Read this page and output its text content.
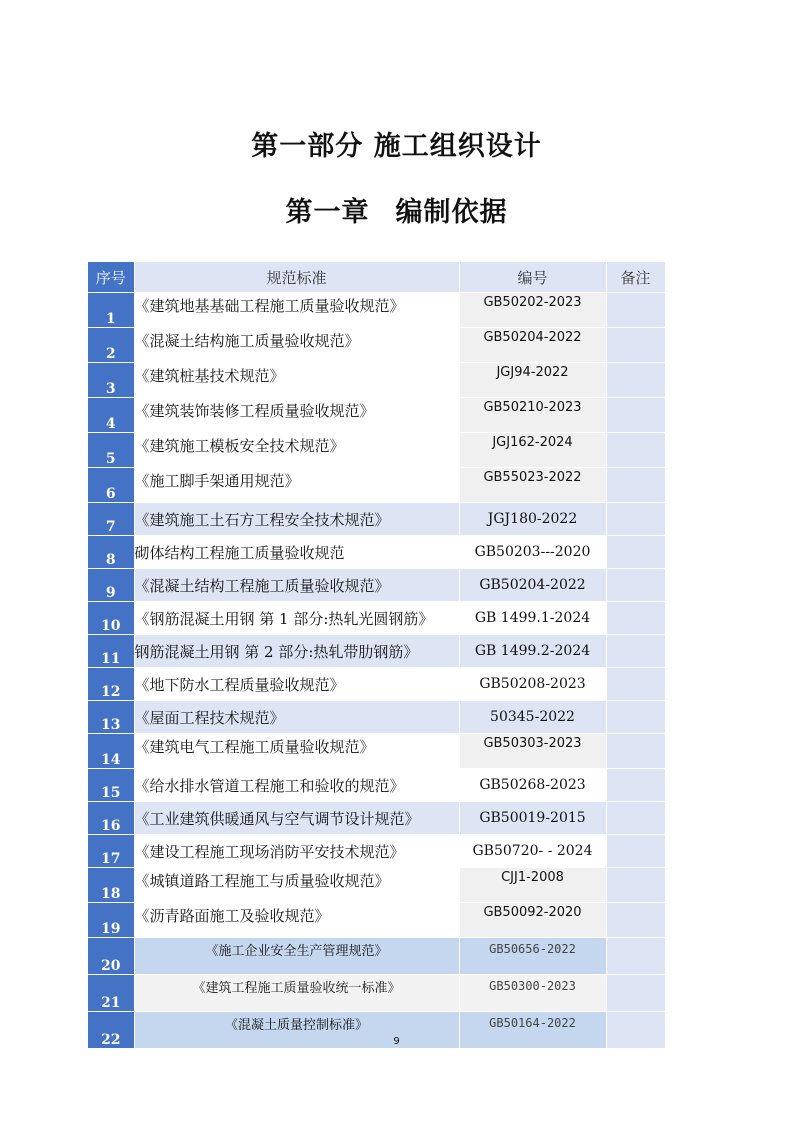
第一部分 施工组织设计
第一章 编制依据
序号	规范标准	编号	备注
1	《建筑地基基础工程施工质量验收规范》	GB50202-2023	
2	《混凝土结构施工质量验收规范》	GB50204-2022	
3	《建筑桩基技术规范》	JGJ94-2022	
4	《建筑装饰装修工程质量验收规范》	GB50210-2023	
5	《建筑施工模板安全技术规范》	JGJ162-2024	
6	《施工脚手架通用规范》	GB55023-2022	
7	《建筑施工土石方工程安全技术规范》	JGJ180-2022	
8	砌体结构工程施工质量验收规范	GB50203---2020	
9	《混凝土结构工程施工质量验收规范》	GB50204-2022	
10	《钢筋混凝土用钢 第 1 部分:热轧光圆钢筋》	GB 1499.1-2024	
11	钢筋混凝土用钢 第 2 部分:热轧带肋钢筋》	GB 1499.2-2024	
12	《地下防水工程质量验收规范》	GB50208-2023	
13	《屋面工程技术规范》	50345-2022	
14	《建筑电气工程施工质量验收规范》	GB50303-2023	
15	《给水排水管道工程施工和验收的规范》	GB50268-2023	
16	《工业建筑供暖通风与空气调节设计规范》	GB50019-2015	
17	《建设工程施工现场消防平安技术规范》	GB50720- - 2024	
18	《城镇道路工程施工与质量验收规范》	CJJ1-2008	
19	《沥青路面施工及验收规范》	GB50092-2020	
20	《施工企业安全生产管理规范》	GB50656-2022	
21	《建筑工程施工质量验收统一标准》	GB50300-2023	
22	《混凝土质量控制标准》	GB50164-2022	
9
